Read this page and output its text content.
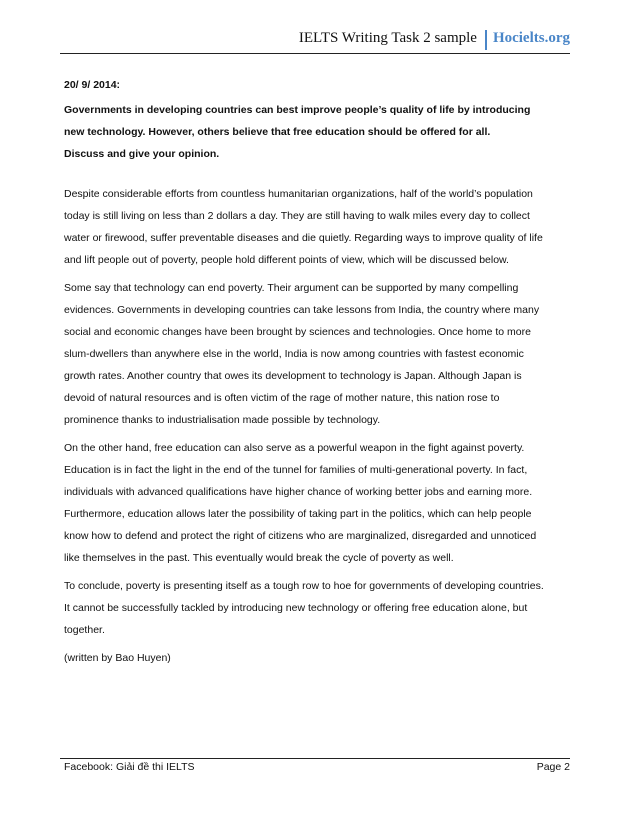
IELTS Writing Task 2 sample	Hocielts.org
20/ 9/ 2014:
Governments in developing countries can best improve people’s quality of life by introducing
new technology. However, others believe that free education should be offered for all.
Discuss and give your opinion.
Despite considerable efforts from countless humanitarian organizations, half of the world’s population
today is still living on less than 2 dollars a day. They are still having to walk miles every day to collect
water or firewood, suffer preventable diseases and die quietly. Regarding ways to improve quality of life
and lift people out of poverty, people hold different points of view, which will be discussed below.
Some say that technology can end poverty. Their argument can be supported by many compelling
evidences. Governments in developing countries can take lessons from India, the country where many
social and economic changes have been brought by sciences and technologies. Once home to more
slum-dwellers than anywhere else in the world, India is now among countries with fastest economic
growth rates. Another country that owes its development to technology is Japan. Although Japan is
devoid of natural resources and is often victim of the rage of mother nature, this nation rose to
prominence thanks to industrialisation made possible by technology.
On the other hand, free education can also serve as a powerful weapon in the fight against poverty.
Education is in fact the light in the end of the tunnel for families of multi-generational poverty. In fact,
individuals with advanced qualifications have higher chance of working better jobs and earning more.
Furthermore, education allows later the possibility of taking part in the politics, which can help people
know how to defend and protect the right of citizens who are marginalized, disregarded and unnoticed
like themselves in the past. This eventually would break the cycle of poverty as well.
To conclude, poverty is presenting itself as a tough row to hoe for governments of developing countries.
It cannot be successfully tackled by introducing new technology or offering free education alone, but
together.
(written by Bao Huyen)
Facebook: Giải đề thi IELTS	Page 2
